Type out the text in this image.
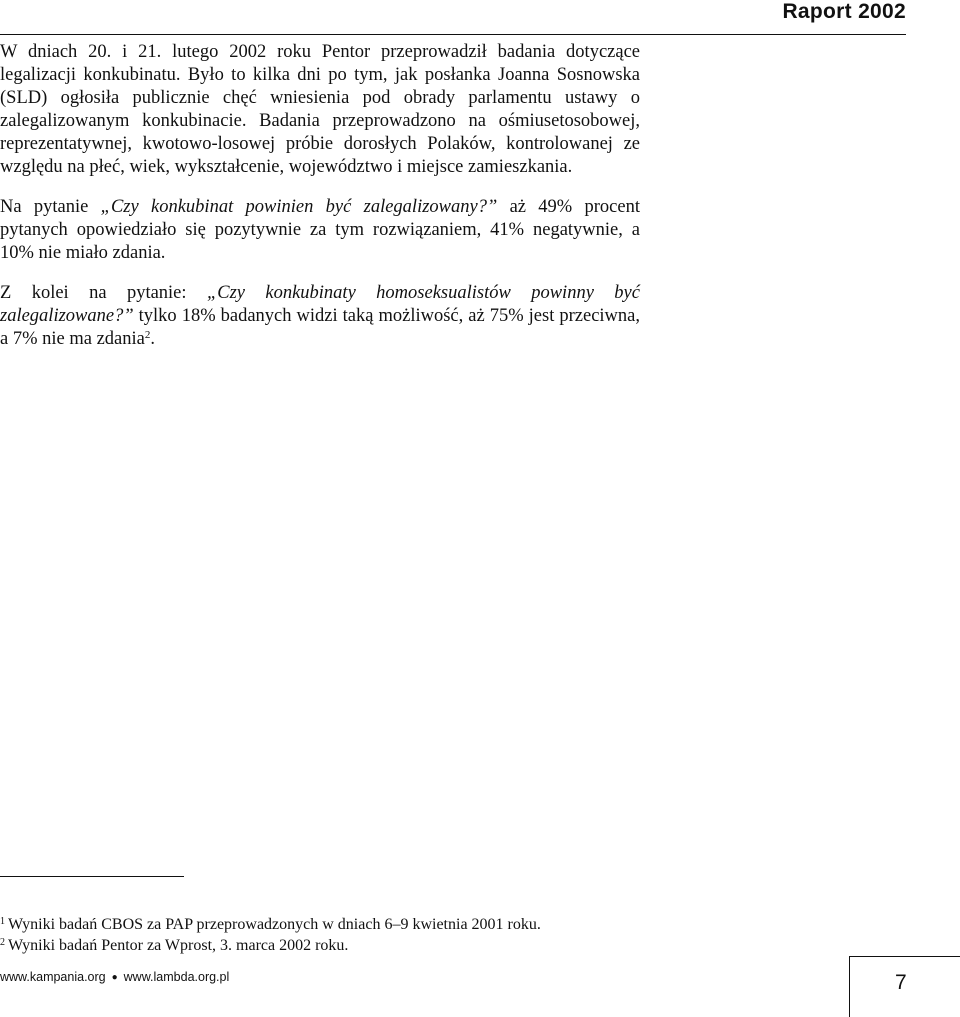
Raport 2002

W dniach 20. i 21. lutego 2002 roku Pentor przeprowadził badania dotyczące legalizacji konkubinatu. Było to kilka dni po tym, jak posłanka Joanna Sosnowska (SLD) ogłosiła publicznie chęć wniesienia pod obrady parlamentu ustawy o zalegalizowanym konkubinacie. Badania przeprowadzono na ośmiusetosobowej, reprezentatywnej, kwotowo-losowej próbie dorosłych Polaków, kontrolowanej ze względu na płeć, wiek, wykształcenie, województwo i miejsce zamieszkania.

Na pytanie „Czy konkubinat powinien być zalegalizowany?” aż 49% procent pytanych opowiedziało się pozytywnie za tym rozwiązaniem, 41% negatywnie, a 10% nie miało zdania.

Z kolei na pytanie: „Czy konkubinaty homoseksualistów powinny być zalegalizowane?” tylko 18% badanych widzi taką możliwość, aż 75% jest przeciwna, a 7% nie ma zdania$^2$.

$^1$ Wyniki badań CBOS za PAP przeprowadzonych w dniach 6–9 kwietnia 2001 roku.
$^2$ Wyniki badań Pentor za Wprost, 3. marca 2002 roku.
www.kampania.org ● www.lambda.org.pl	7
